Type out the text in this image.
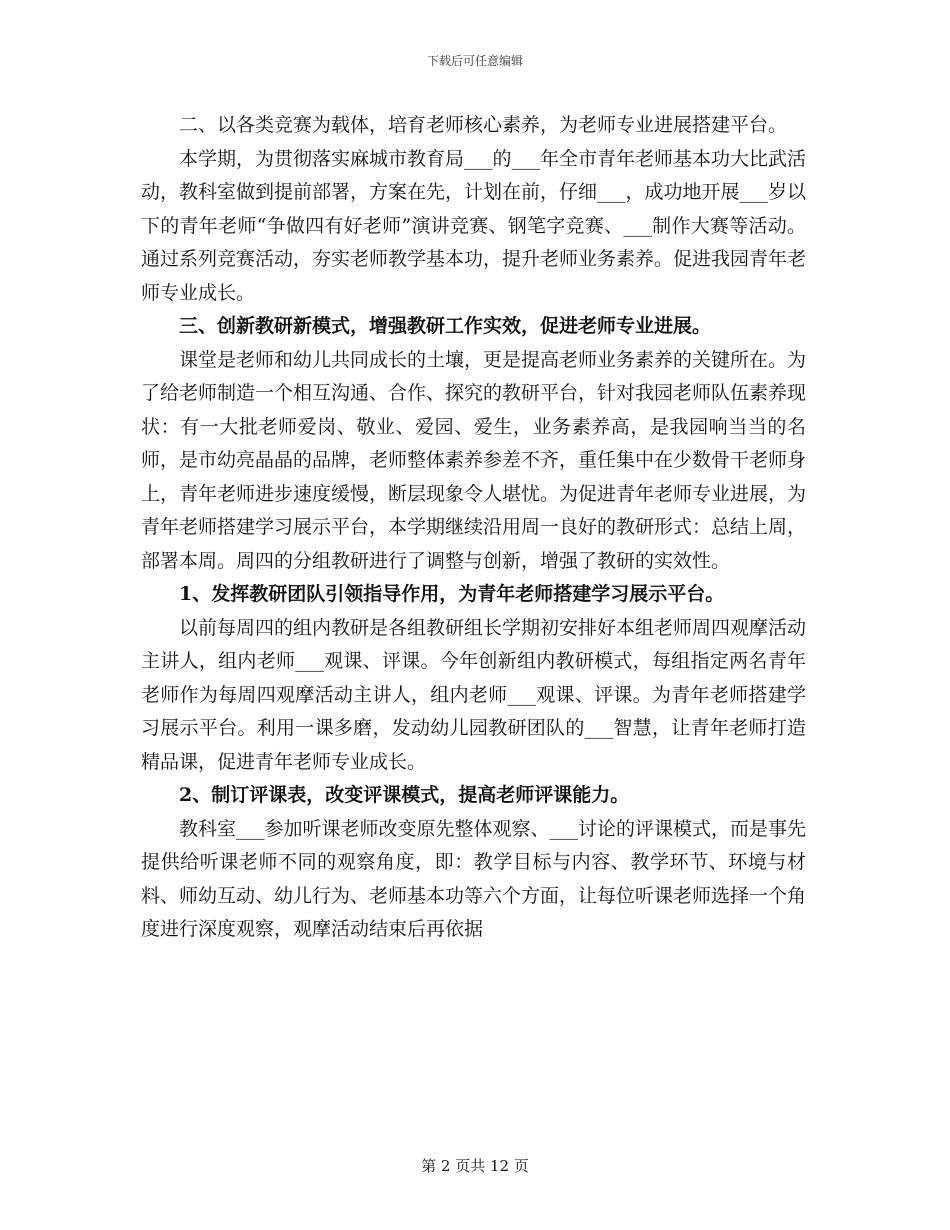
下载后可任意编辑

二、以各类竞赛为载体，培育老师核心素养，为老师专业进展搭建平台。

本学期，为贯彻落实麻城市教育局___的___年全市青年老师基本功大比武活动，教科室做到提前部署，方案在先，计划在前，仔细___，成功地开展___岁以下的青年老师“争做四有好老师”演讲竞赛、钢笔字竞赛、___制作大赛等活动。通过系列竞赛活动，夯实老师教学基本功，提升老师业务素养。促进我园青年老师专业成长。

三、创新教研新模式，增强教研工作实效，促进老师专业进展。

课堂是老师和幼儿共同成长的土壤，更是提高老师业务素养的关键所在。为了给老师制造一个相互沟通、合作、探究的教研平台，针对我园老师队伍素养现状：有一大批老师爱岗、敬业、爱园、爱生，业务素养高，是我园响当当的名师，是市幼亮晶晶的品牌，老师整体素养参差不齐，重任集中在少数骨干老师身上，青年老师进步速度缓慢，断层现象令人堪忧。为促进青年老师专业进展，为青年老师搭建学习展示平台，本学期继续沿用周一良好的教研形式：总结上周，部署本周。周四的分组教研进行了调整与创新，增强了教研的实效性。

1、发挥教研团队引领指导作用，为青年老师搭建学习展示平台。

以前每周四的组内教研是各组教研组长学期初安排好本组老师周四观摩活动主讲人，组内老师___观课、评课。今年创新组内教研模式，每组指定两名青年老师作为每周四观摩活动主讲人，组内老师___观课、评课。为青年老师搭建学习展示平台。利用一课多磨，发动幼儿园教研团队的___智慧，让青年老师打造精品课，促进青年老师专业成长。

2、制订评课表，改变评课模式，提高老师评课能力。

教科室___参加听课老师改变原先整体观察、___讨论的评课模式，而是事先提供给听课老师不同的观察角度，即：教学目标与内容、教学环节、环境与材料、师幼互动、幼儿行为、老师基本功等六个方面，让每位听课老师选择一个角度进行深度观察，观摩活动结束后再依据

第 2 页共 12 页
